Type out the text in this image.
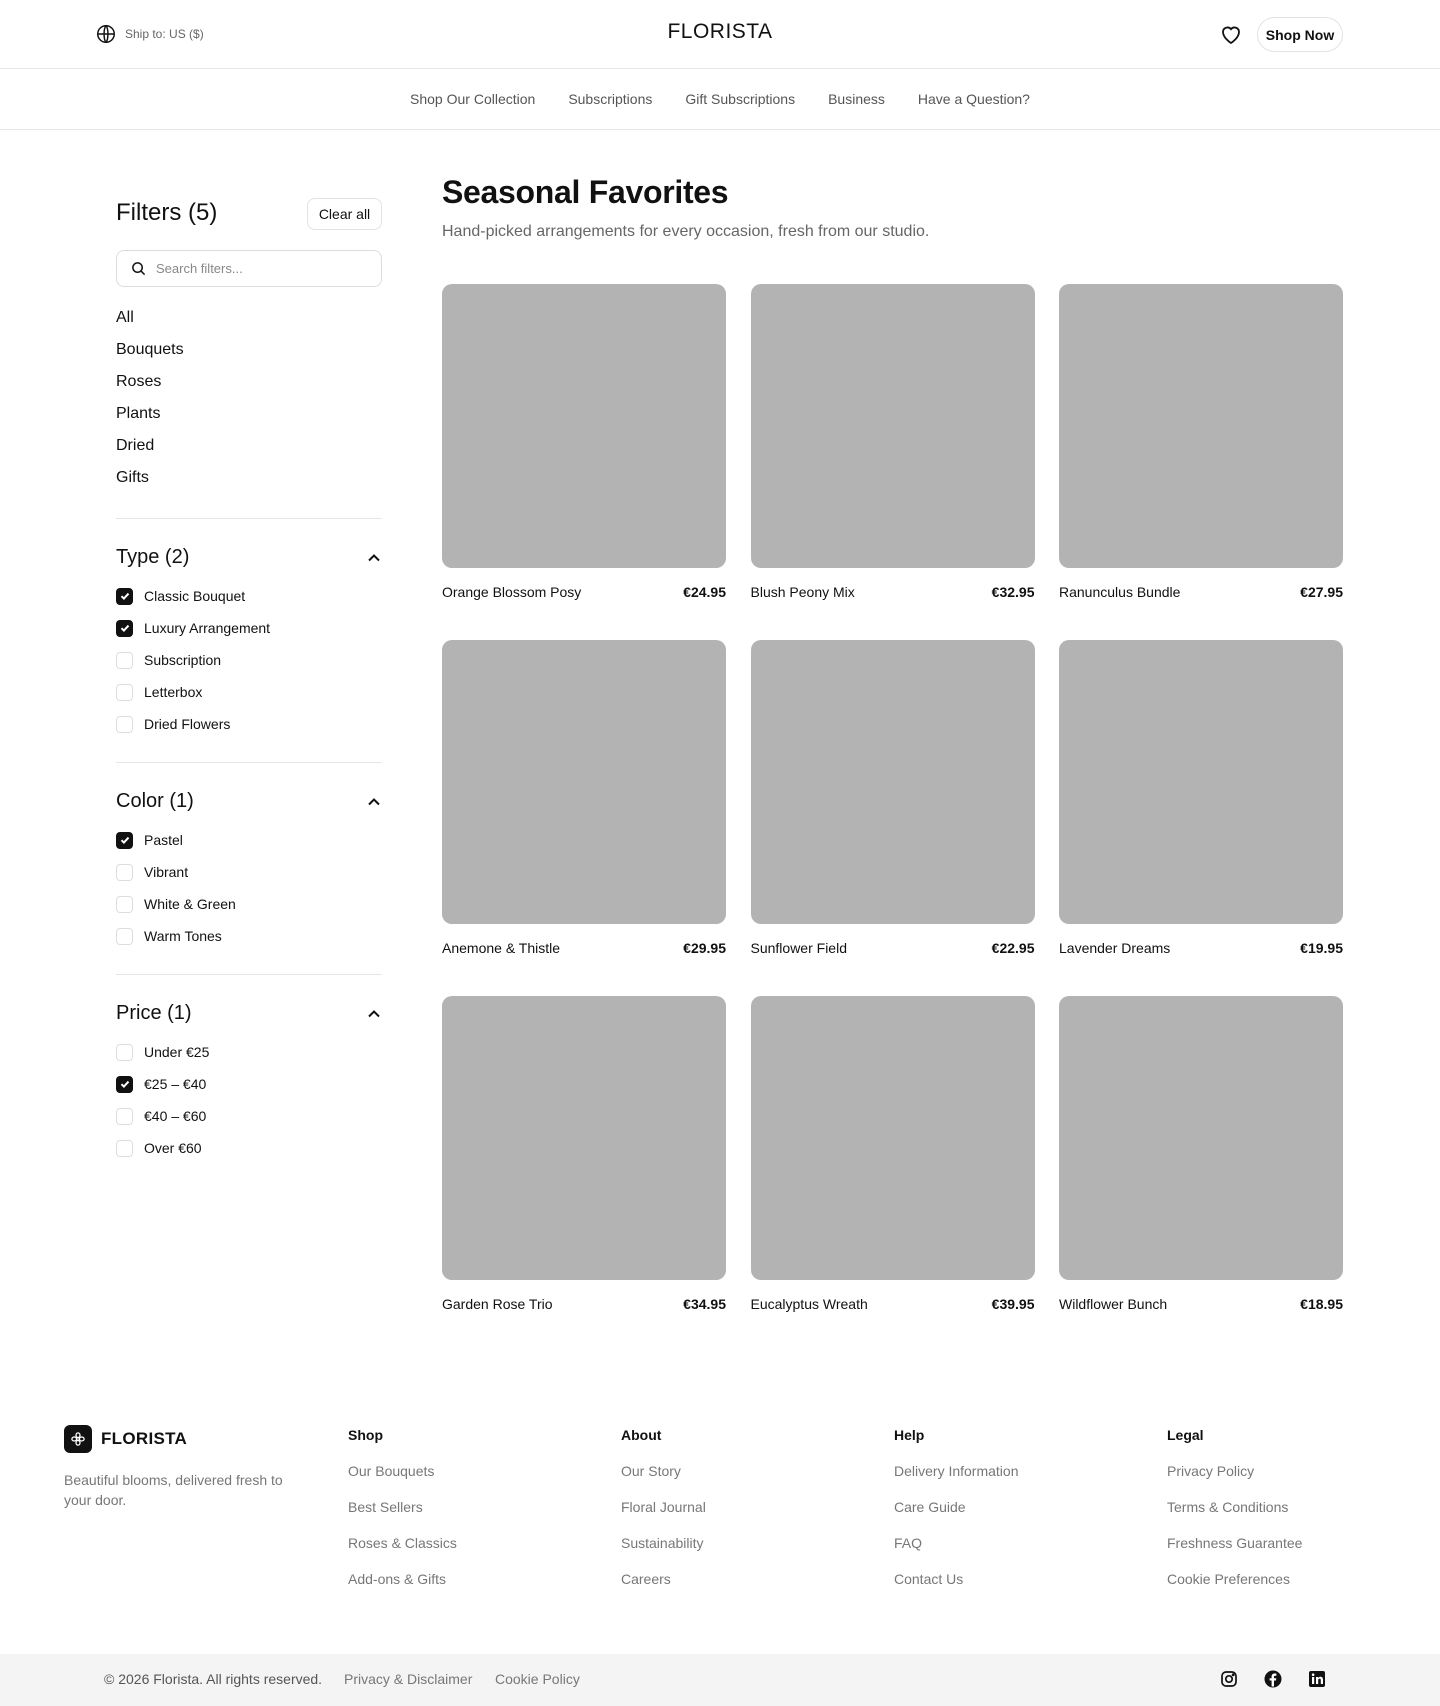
Ship to: US ($)	FLORISTA	Shop Now
Shop Our Collection Subscriptions Gift Subscriptions Business Have a Question?
Filters (5)	Clear all
Search filters...
All
Bouquets
Roses
Plants
Dried
Gifts
Type (2)
Classic Bouquet
Luxury Arrangement
Subscription
Letterbox
Dried Flowers
Color (1)
Pastel
Vibrant
White & Green
Warm Tones
Price (1)
Under €25
€25 – €40
€40 – €60
Over €60
Seasonal Favorites

Hand-picked arrangements for every occasion, fresh from our studio.

Orange Blossom Posy	€24.95 Blush Peony Mix	€32.95 Ranunculus Bundle	€27.95
Anemone & Thistle	€29.95 Sunflower Field	€22.95 Lavender Dreams	€19.95
Garden Rose Trio	€34.95 Eucalyptus Wreath	€39.95 Wildflower Bunch	€18.95
FLORISTA

Beautiful blooms, delivered fresh to your door.

Shop
Our Bouquets
Best Sellers
Roses & Classics
Add-ons & Gifts
About
Our Story
Floral Journal
Sustainability
Careers
Help
Delivery Information
Care Guide
FAQ
Contact Us
Legal
Privacy Policy
Terms & Conditions
Freshness Guarantee
Cookie Preferences
© 2026 Florista. All rights reserved. Privacy & Disclaimer Cookie Policy
